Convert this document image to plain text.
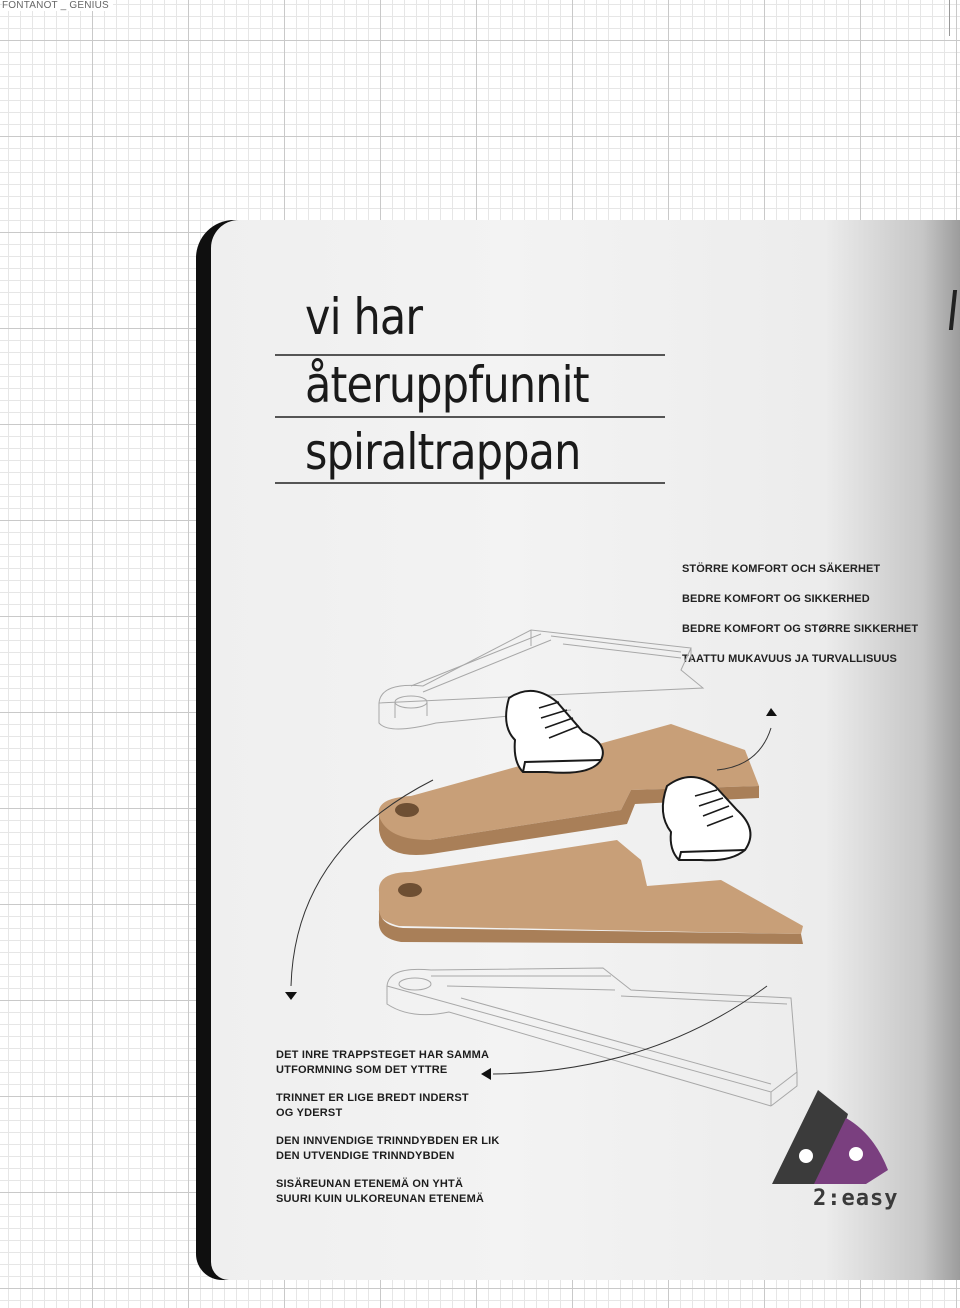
FONTANOT _ GENIUS
vi har
återuppfunnit
spiraltrappan
STÖRRE KOMFORT OCH SÄKERHET
BEDRE KOMFORT OG SIKKERHED
BEDRE KOMFORT OG STØRRE SIKKERHET
TAATTU MUKAVUUS JA TURVALLISUUS

DET INRE TRAPPSTEGET HAR SAMMA
UTFORMNING SOM DET YTTRE

TRINNET ER LIGE BREDT INDERST
OG YDERST

DEN INNVENDIGE TRINNDYBDEN ER LIK
DEN UTVENDIGE TRINNDYBDEN

SISÄREUNAN ETENEMÄ ON YHTÄ
SUURI KUIN ULKOREUNAN ETENEMÄ	2:easy
